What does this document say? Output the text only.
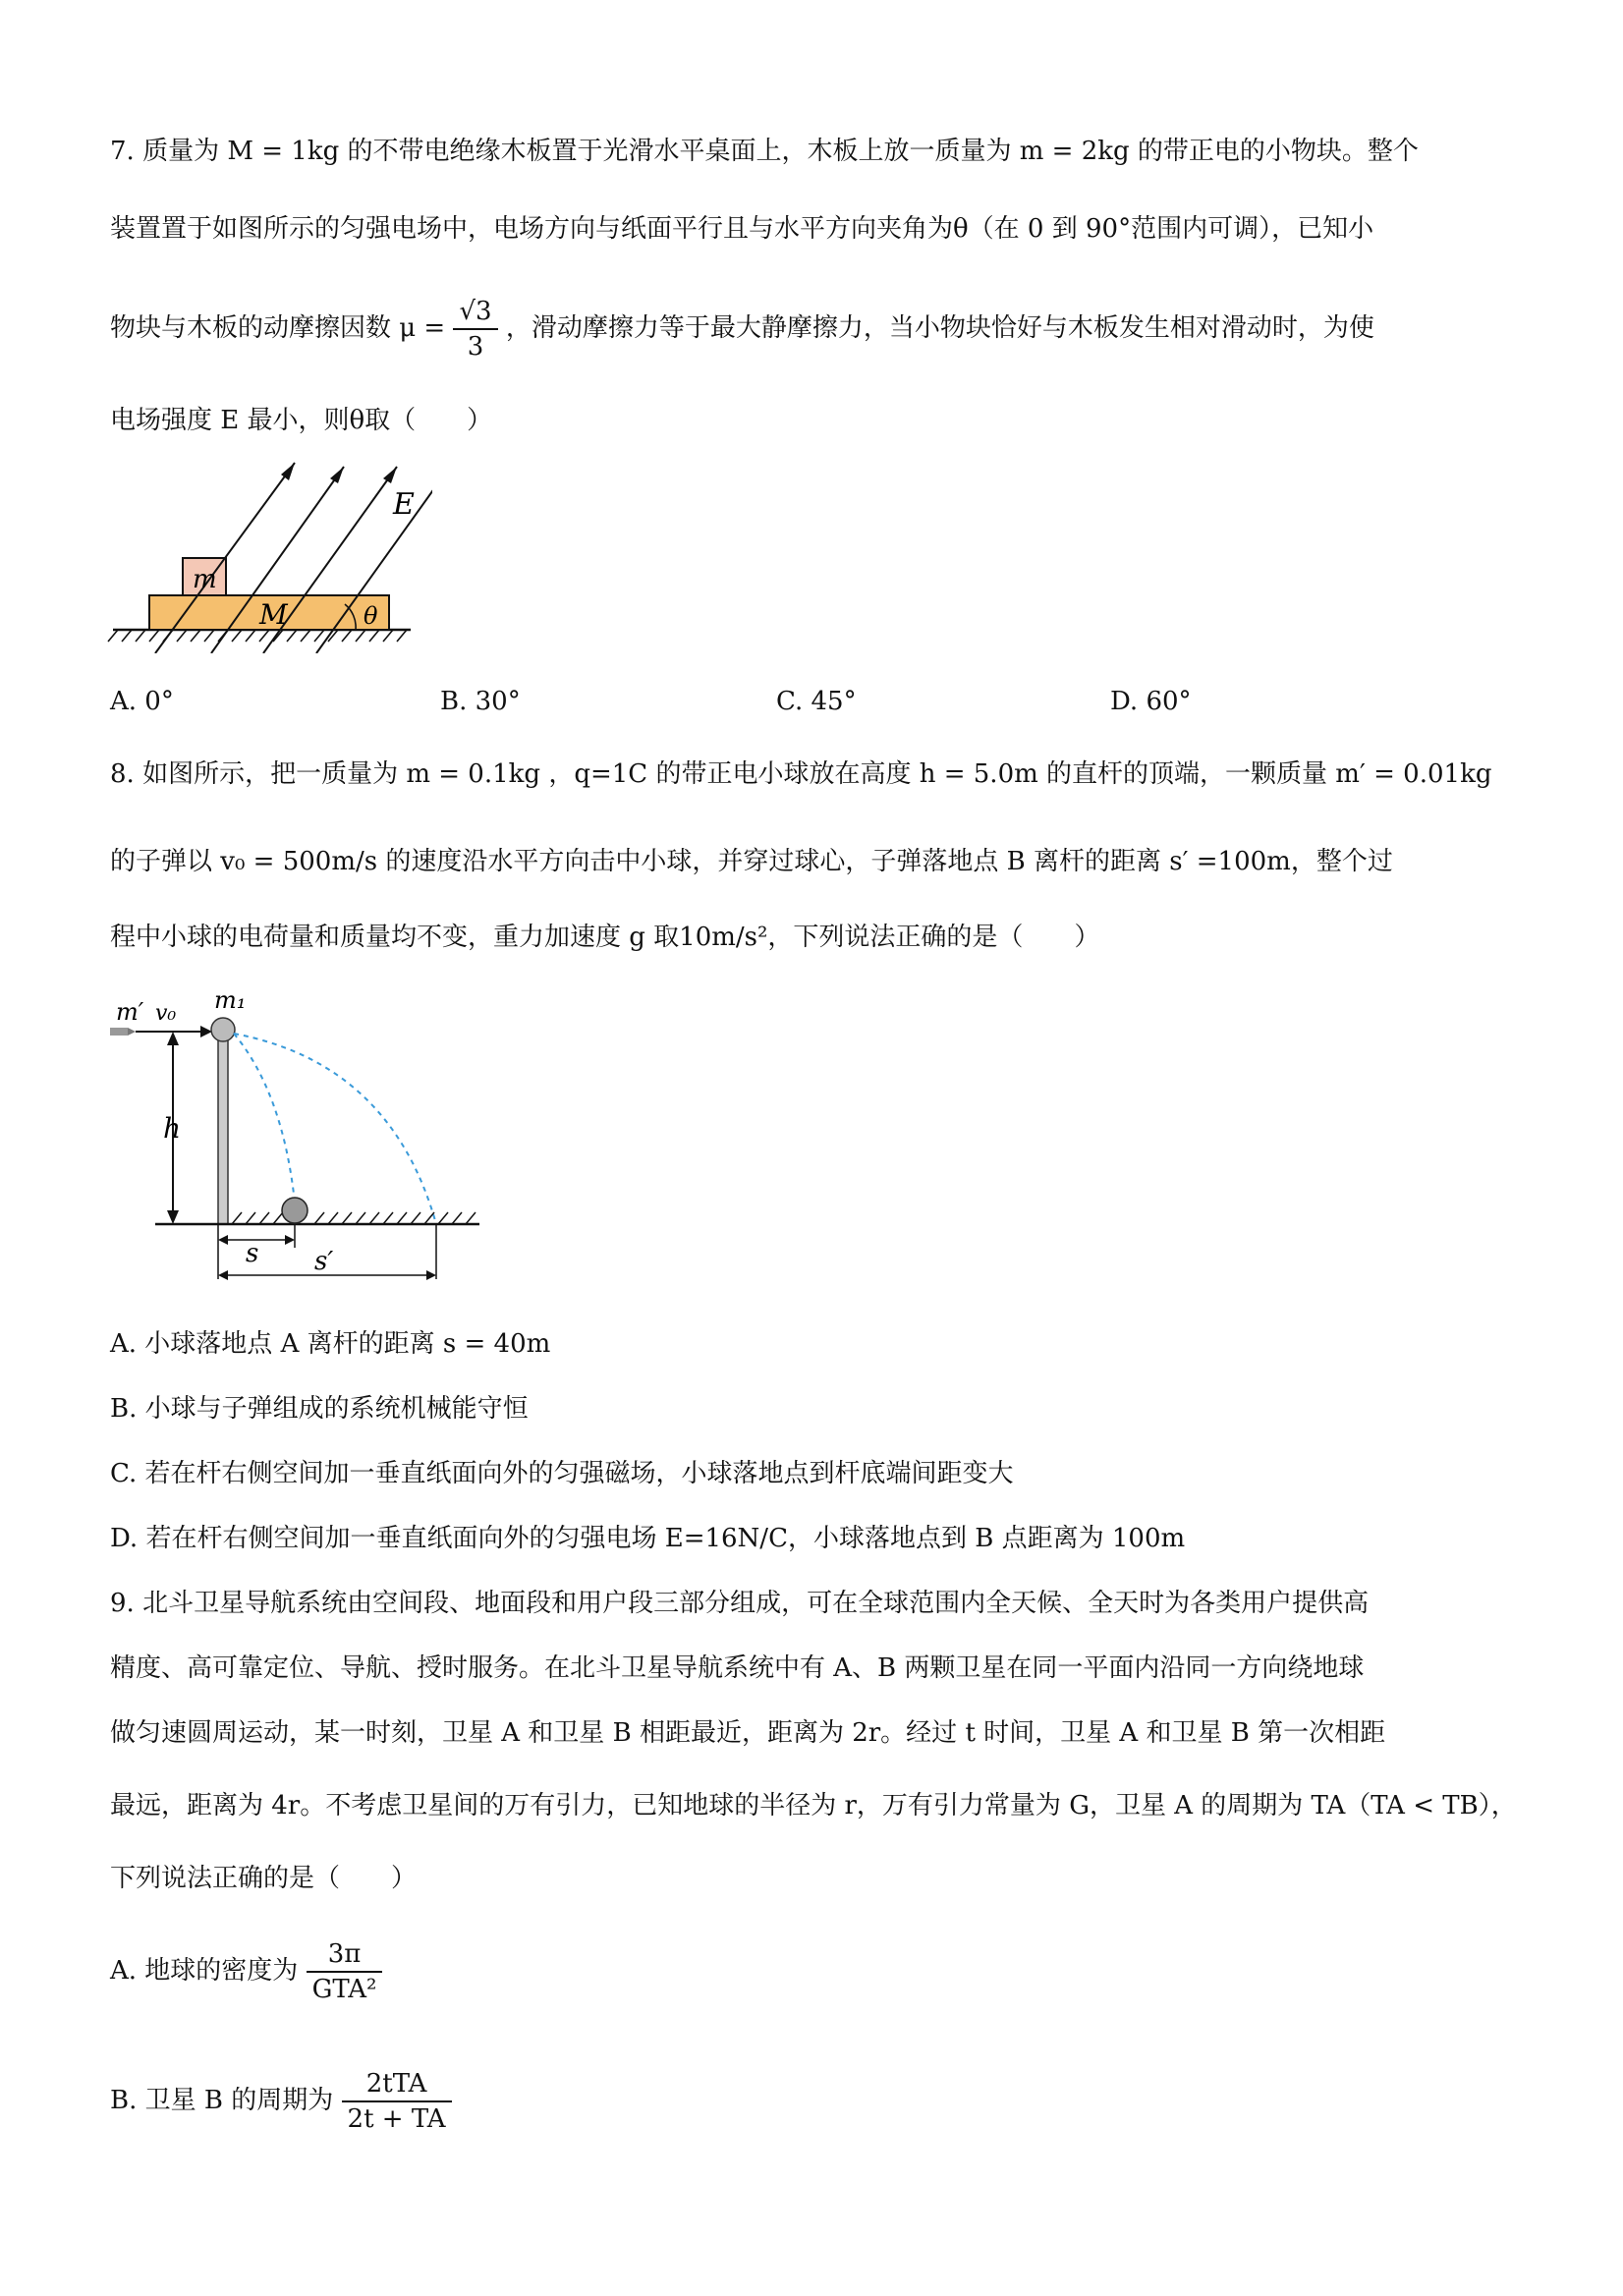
7. 质量为 M = 1kg 的不带电绝缘木板置于光滑水平桌面上，木板上放一质量为 m = 2kg 的带正电的小物块。整个
装置置于如图所示的匀强电场中，电场方向与纸面平行且与水平方向夹角为θ（在 0 到 90°范围内可调），已知小
物块与木板的动摩擦因数 $\mu = \frac{√3}{3}$ ，滑动摩擦力等于最大静摩擦力，当小物块恰好与木板发生相对滑动时，为使
电场强度 E 最小，则θ取（　　）
m
M	θ
E
A. 0°	B. 30°	C. 45°	D. 60°
8. 如图所示，把一质量为 m = 0.1kg ，q=1C 的带正电小球放在高度 h = 5.0m 的直杆的顶端，一颗质量 m′ = 0.01kg
的子弹以 v₀ = 500m/s 的速度沿水平方向击中小球，并穿过球心，子弹落地点 B 离杆的距离 s′ =100m，整个过
程中小球的电荷量和质量均不变，重力加速度 g 取10m/s²，下列说法正确的是（　　）
m′ v₀ m₁
h
s s′
A. 小球落地点 A 离杆的距离 s = 40m
B. 小球与子弹组成的系统机械能守恒
C. 若在杆右侧空间加一垂直纸面向外的匀强磁场，小球落地点到杆底端间距变大
D. 若在杆右侧空间加一垂直纸面向外的匀强电场 E=16N/C，小球落地点到 B 点距离为 100m
9. 北斗卫星导航系统由空间段、地面段和用户段三部分组成，可在全球范围内全天候、全天时为各类用户提供高
精度、高可靠定位、导航、授时服务。在北斗卫星导航系统中有 A、B 两颗卫星在同一平面内沿同一方向绕地球
做匀速圆周运动，某一时刻，卫星 A 和卫星 B 相距最近，距离为 2r。经过 t 时间，卫星 A 和卫星 B 第一次相距
最远，距离为 4r。不考虑卫星间的万有引力，已知地球的半径为 r，万有引力常量为 G，卫星 A 的周期为 TA（TA < TB），
下列说法正确的是（　　）
A. 地球的密度为 $\frac{3\pi}{\text{GTA²}}$
B. 卫星 B 的周期为 $\frac{\text{2tTA}}{2t + TA}$
